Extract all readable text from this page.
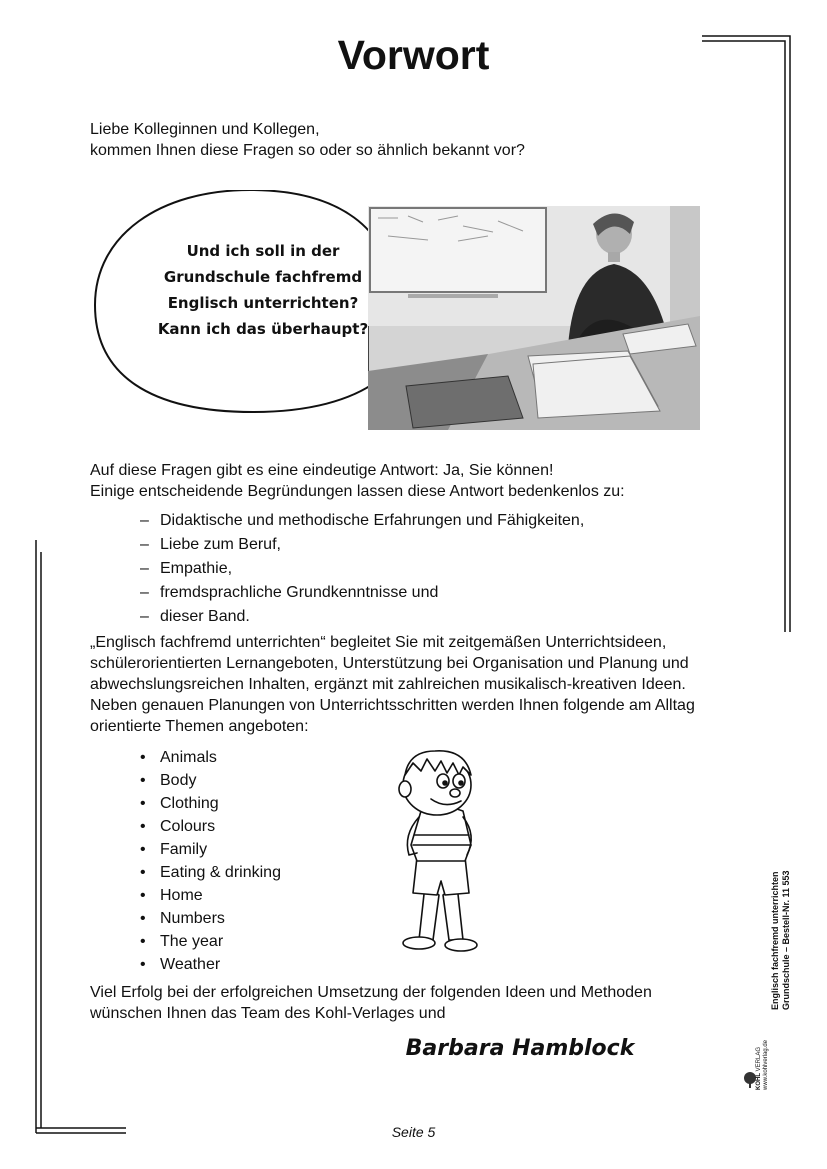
Vorwort
Liebe Kolleginnen und Kollegen,
kommen Ihnen diese Fragen so oder so ähnlich bekannt vor?
Und ich soll in der
Grundschule fachfremd
Englisch unterrichten?
Kann ich das überhaupt?
Auf diese Fragen gibt es eine eindeutige Antwort: Ja, Sie können!
Einige entscheidende Begründungen lassen diese Antwort bedenkenlos zu:
– Didaktische und methodische Erfahrungen und Fähigkeiten,
– Liebe zum Beruf,
– Empathie,
– fremdsprachliche Grundkenntnisse und
– dieser Band.
„Englisch fachfremd unterrichten“ begleitet Sie mit zeitgemäßen Unterrichtsideen,
schülerorientierten Lernangeboten, Unterstützung bei Organisation und Planung und
abwechslungsreichen Inhalten, ergänzt mit zahlreichen musikalisch-kreativen Ideen.
Neben genauen Planungen von Unterrichtsschritten werden Ihnen folgende am Alltag
orientierte Themen angeboten:
• Animals
• Body
• Clothing
• Colours
• Family
• Eating & drinking
• Home
• Numbers
• The year
• Weather
Viel Erfolg bei der erfolgreichen Umsetzung der folgenden Ideen und Methoden
wünschen Ihnen das Team des Kohl-Verlages und
Barbara Hamblock
Englisch fachfremd unterrichten Grundschule – Bestell-Nr. 11 553
KOHL VERLAG www.kohlverlag.de
Seite 5
